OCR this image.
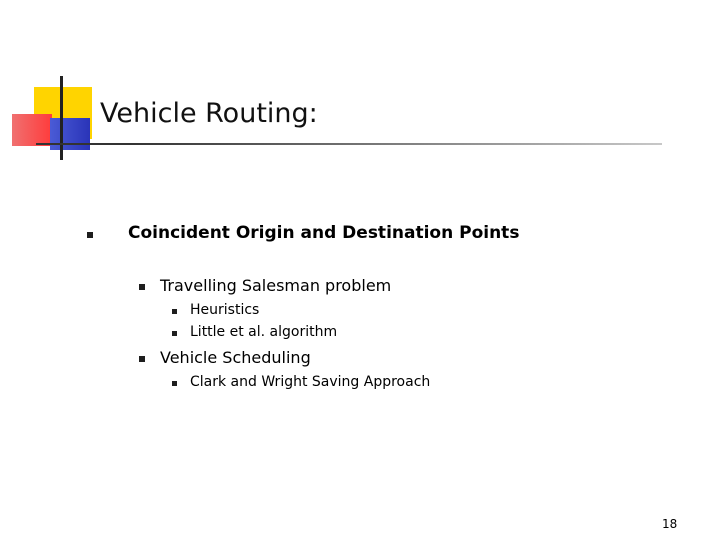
Vehicle Routing:
Coincident Origin and Destination Points
Travelling Salesman problem
Heuristics
Little et al. algorithm
Vehicle Scheduling
Clark and Wright Saving Approach
18
